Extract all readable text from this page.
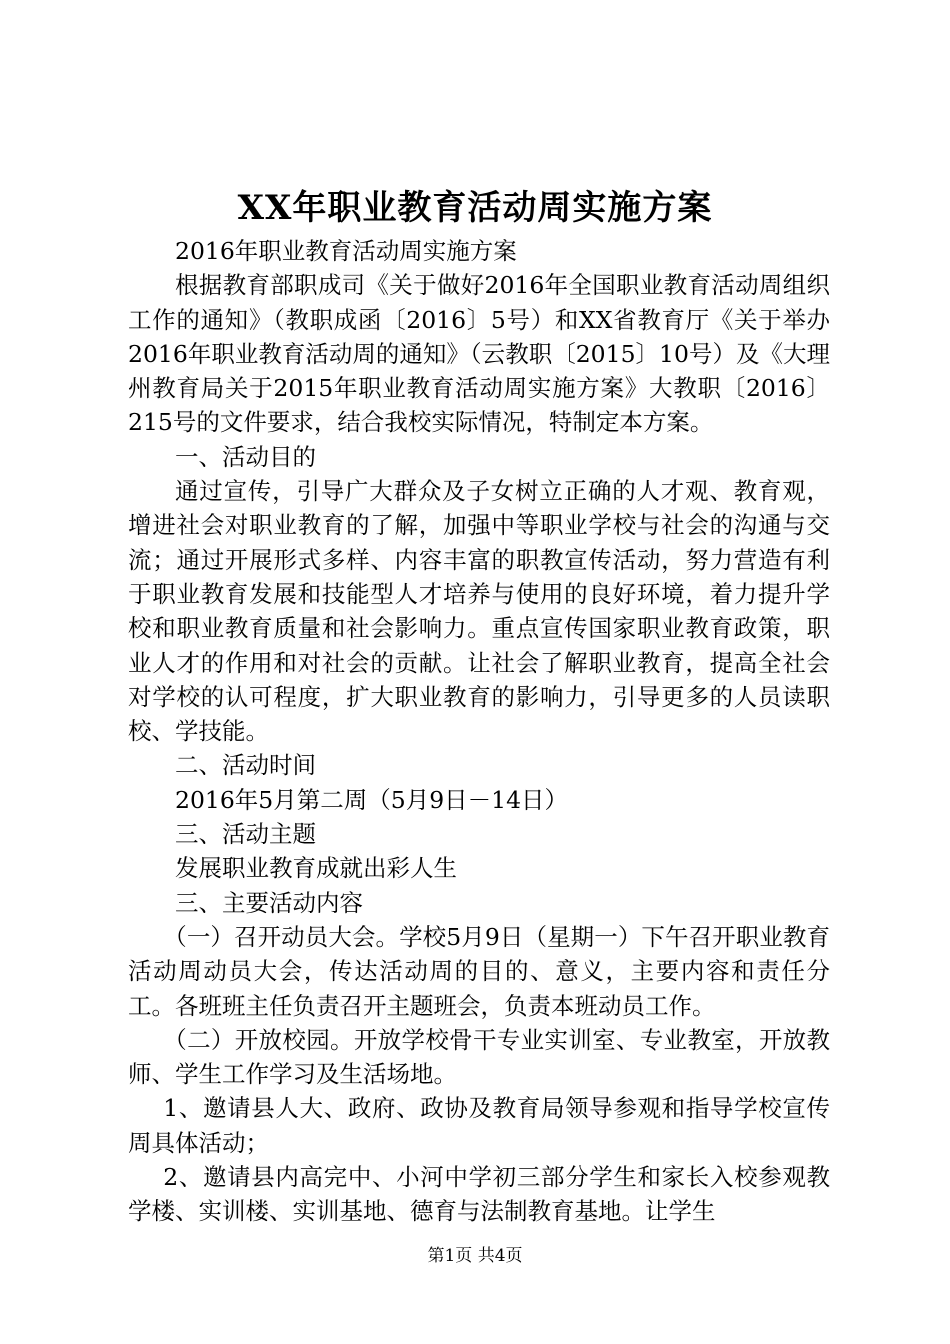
XX年职业教育活动周实施方案

2016年职业教育活动周实施方案

根据教育部职成司《关于做好2016年全国职业教育活动周组织工作的通知》（教职成函〔2016〕5号）和XX省教育厅《关于举办2016年职业教育活动周的通知》（云教职〔2015〕10号）及《大理州教育局关于2015年职业教育活动周实施方案》大教职〔2016〕215号的文件要求，结合我校实际情况，特制定本方案。

一、活动目的

通过宣传，引导广大群众及子女树立正确的人才观、教育观，增进社会对职业教育的了解，加强中等职业学校与社会的沟通与交流；通过开展形式多样、内容丰富的职教宣传活动，努力营造有利于职业教育发展和技能型人才培养与使用的良好环境，着力提升学校和职业教育质量和社会影响力。重点宣传国家职业教育政策，职业人才的作用和对社会的贡献。让社会了解职业教育，提高全社会对学校的认可程度，扩大职业教育的影响力，引导更多的人员读职校、学技能。

二、活动时间

2016年5月第二周（5月9日－14日）

三、活动主题

发展职业教育成就出彩人生

三、主要活动内容

（一）召开动员大会。学校5月9日（星期一）下午召开职业教育活动周动员大会，传达活动周的目的、意义，主要内容和责任分工。各班班主任负责召开主题班会，负责本班动员工作。

（二）开放校园。开放学校骨干专业实训室、专业教室，开放教师、学生工作学习及生活场地。

1、邀请县人大、政府、政协及教育局领导参观和指导学校宣传周具体活动；

2、邀请县内高完中、小河中学初三部分学生和家长入校参观教学楼、实训楼、实训基地、德育与法制教育基地。让学生

第1页 共4页
